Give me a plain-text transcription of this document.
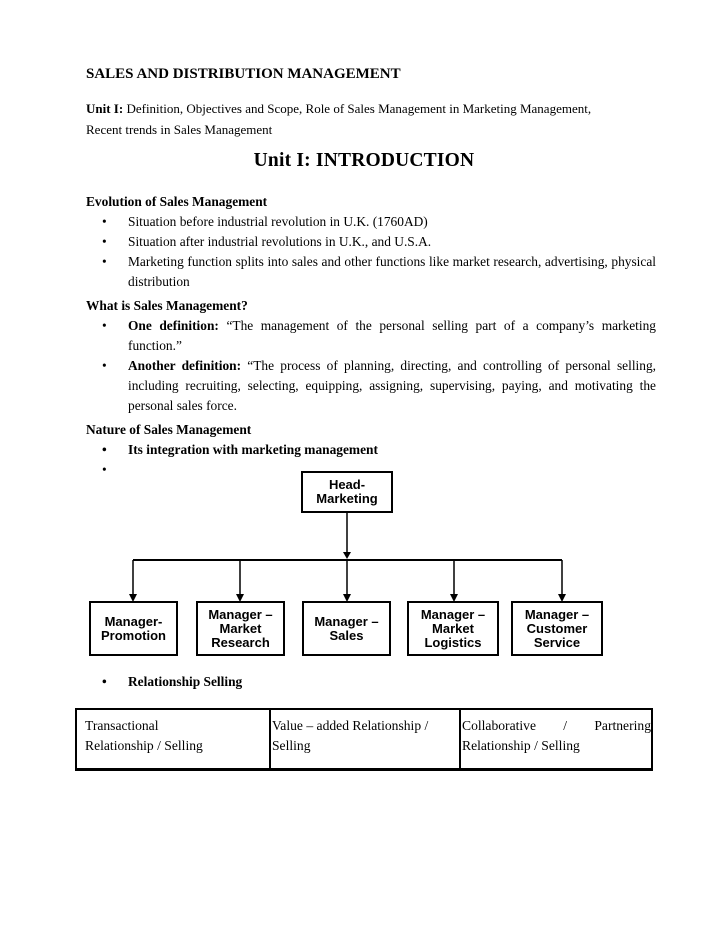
SALES AND DISTRIBUTION MANAGEMENT
Unit I: Definition, Objectives and Scope, Role of Sales Management in Marketing Management,
Recent trends in Sales Management
Unit I: INTRODUCTION

Evolution of Sales Management

• Situation before industrial revolution in U.K. (1760AD)
• Situation after industrial revolutions in U.K., and U.S.A.
• Marketing function splits into sales and other functions like market research, advertising, physical distribution

What is Sales Management?

• One definition: “The management of the personal selling part of a company’s marketing function.”
• Another definition: “The process of planning, directing, and controlling of personal selling, including recruiting, selecting, equipping, assigning, supervising, paying, and motivating the personal sales force.

Nature of Sales Management

• Its integration with marketing management
•
Head-
Marketing
Manager-
Promotion
Manager –
Market
Research
Manager –
Sales
Manager –
Market
Logistics
Manager –
Customer
Service
• Relationship Selling
Transactional
Relationship / Selling
Value – added Relationship /
Selling
Collaborative / Partnering
Relationship / Selling
